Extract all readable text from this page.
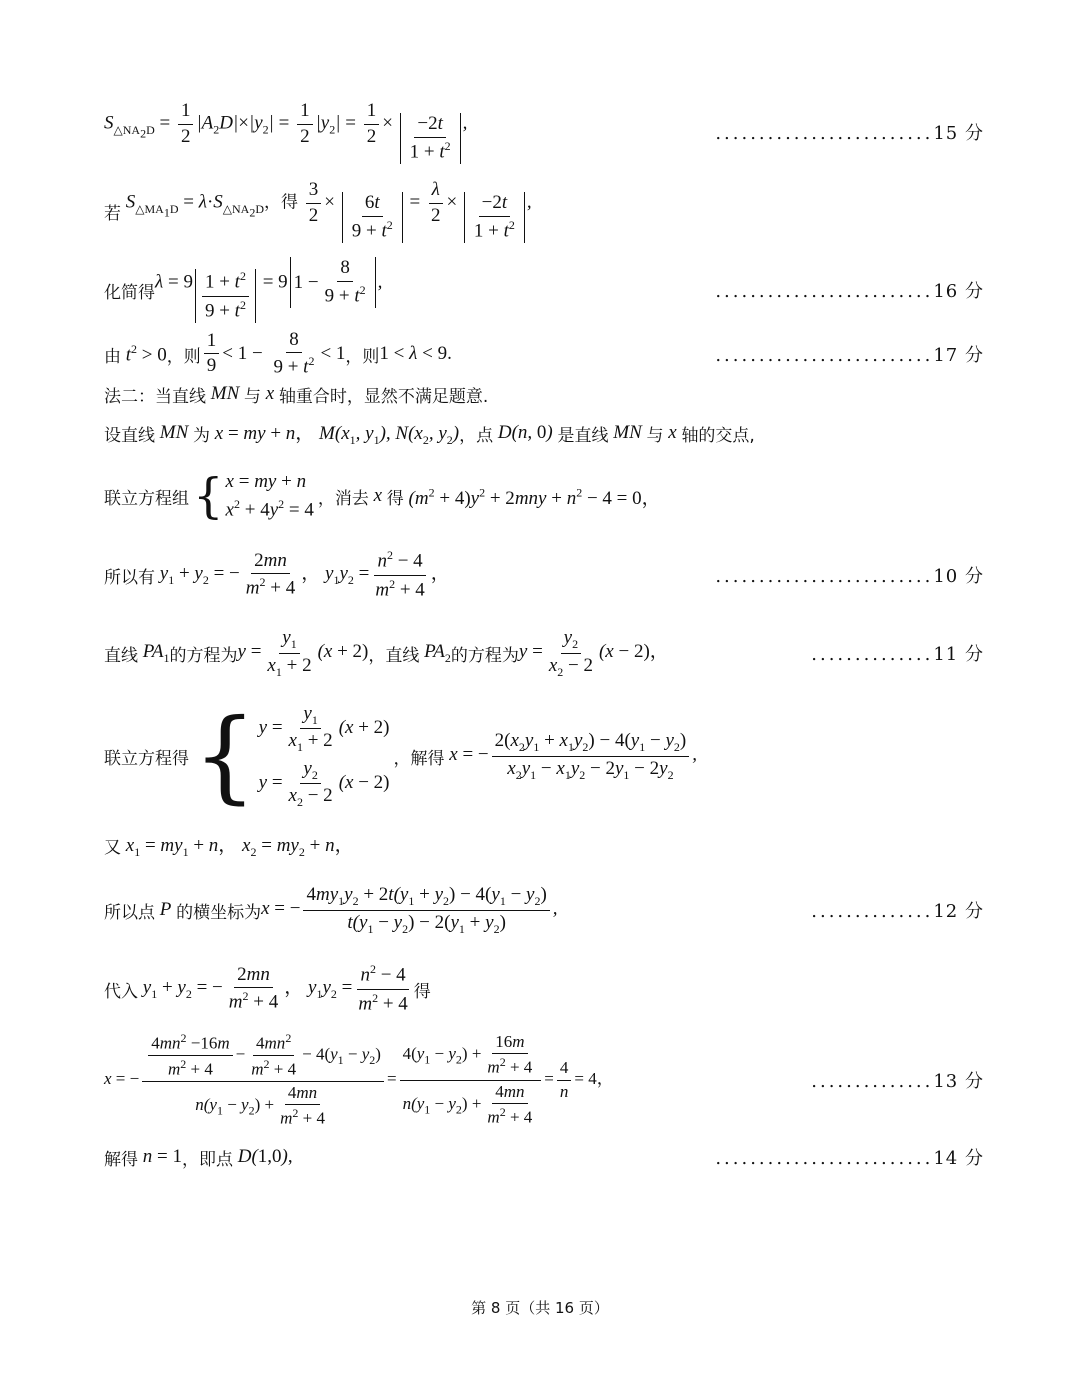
$S_{\triangle NA_2D} = \frac{1}{2} |A_2D|\times|y_2| = \frac{1}{2} |y_2| = \frac{1}{2} \times \frac{-2t}{1 + t^2}$ ,	.........................15 分
若
$S_{\triangle MA_1D} = \lambda\cdot S_{\triangle NA_2D}$，得 $\frac{3}{2} \times \frac{6t}{9 + t^2} = \frac{\lambda}{2} \times \frac{-2t}{1 + t^2}$ ,
化简得 $\lambda = 9 \frac{1 + t^2}{9 + t^2} = 9$ $1 - \frac{8}{9 + t^2}$ ,	.........................16 分
由 $t^2 > 0$ ，则 $\frac{1}{9} < 1 - \frac{8}{9 + t^2} < 1$ ，则 1 < λ < 9.	.........................17 分
法二：当直线 MN 与 x 轴重合时，显然不满足题意.
设直线 MN 为 x = my + n， $M(x_1$, $y_1$), $N(x_2$, $y_2$) ，点 D(n, 0) 是直线 MN 与 x 轴的交点,
联立方程组 { x = my + n
$x^2 + 4y^2 = 4$
，消去 x 得 $(m^2 + 4)y^2 + 2mny + n^2 - 4 = 0$，
所以有 $y_1 + y_2$ = − $\frac{2mn}{m^2 + 4}$ ， $y_1y_2 = \frac{n^2 - 4}{m^2 + 4}$ ，	.........................10 分
直线 $PA_1$ 的方程为 $y = \frac{y_1}{x_1 + 2} (x + 2)$ ，直线 $PA_2$ 的方程为 $y = \frac{y_2}{x_2 - 2} (x - 2)$，	..............11 分
联立方程得 { $y = \frac{y_1}{x_1 + 2} (x + 2)$
$y = \frac{y_2}{x_2 - 2} (x - 2)$
，解得 x = − $\frac{2(x_2y_1 + x_1y_2) - 4(y_1 - y_2)}{x_2y_1 - x_1y_2 - 2y_1 - 2y_2}$ ,
又 $x_1 = my_1 + n$， $x_2 = my_2 + n$，
所以点 P 的横坐标为 x = − $\frac{4my_1y_2 + 2t(y_1 + y_2) - 4(y_1 - y_2)}{t(y_1 - y_2) - 2(y_1 + y_2)}$ ,	..............12 分
代入 $y_1 + y_2$ = − $\frac{2mn}{m^2 + 4}$ ， $y_1y_2 = \frac{n^2 - 4}{m^2 + 4}$ 得
x = − $\frac{\frac{4mn^2 -16m}{m^2 + 4} - \frac{4mn^2}{m^2 + 4} - 4(y_1 - y_2)}{n(y_1 - y_2) + \frac{4mn}{m^2 + 4}} = \frac{4(y_1 - y_2) + \frac{16m}{m^2 + 4}}{n(y_1 - y_2) + \frac{4mn}{m^2 + 4}} = \frac{4}{n} = 4$，	..............13 分
解得 n = 1 ，即点 D(1,0),	.........................14 分
第 8 页（共 16 页）
